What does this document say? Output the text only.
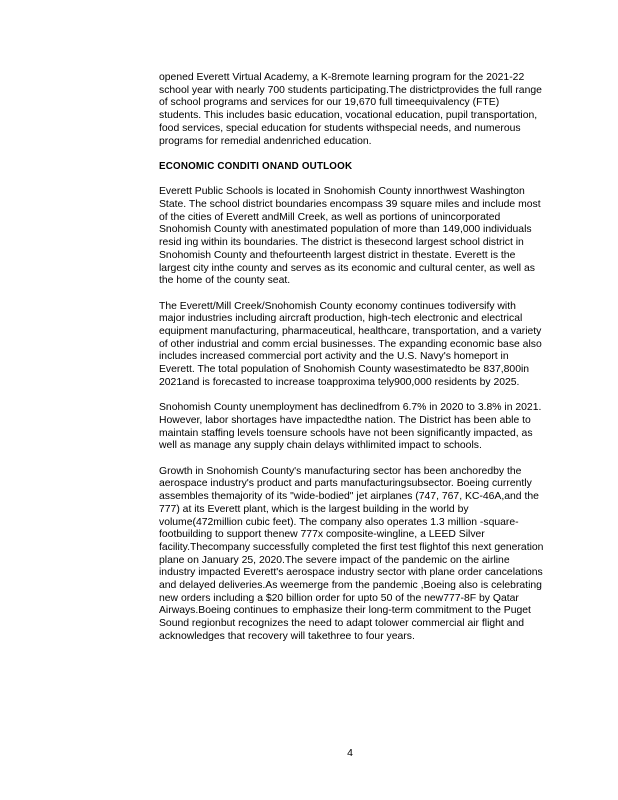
opened Everett Virtual Academy, a K-8remote learning program for the 2021-22 school year with nearly 700 students participating.The districtprovides the full range of school programs and services for our 19,670 full timeequivalency (FTE) students. This includes basic education, vocational education, pupil transportation, food services, special education for students withspecial needs, and numerous programs for remedial andenriched education.

ECONOMIC CONDITI ONAND OUTLOOK

Everett Public Schools is located in Snohomish County innorthwest Washington State. The school district boundaries encompass 39 square miles and include most of the cities of Everett andMill Creek, as well as portions of unincorporated Snohomish County with anestimated population of more than 149,000 individuals resid ing within its boundaries. The district is thesecond largest school district in Snohomish County and thefourteenth largest district in thestate. Everett is the largest city inthe county and serves as its economic and cultural center, as well as the home of the county seat.

The Everett/Mill Creek/Snohomish County economy continues todiversify with major industries including aircraft production, high-tech electronic and electrical equipment manufacturing, pharmaceutical, healthcare, transportation, and a variety of other industrial and comm ercial businesses. The expanding economic base also includes increased commercial port activity and the U.S. Navy's homeport in Everett. The total population of Snohomish County wasestimatedto be 837,800in 2021and is forecasted to increase toapproxima tely900,000 residents by 2025.

Snohomish County unemployment has declinedfrom 6.7% in 2020 to 3.8% in 2021. However, labor shortages have impactedthe nation. The District has been able to maintain staffing levels toensure schools have not been significantly impacted, as well as manage any supply chain delays withlimited impact to schools.

Growth in Snohomish County's manufacturing sector has been anchoredby the aerospace industry's product and parts manufacturingsubsector. Boeing currently assembles themajority of its "wide-bodied" jet airplanes (747, 767, KC-46A,and the 777) at its Everett plant, which is the largest building in the world by volume(472million cubic feet). The company also operates 1.3 million -square-footbuilding to support thenew 777x composite-wingline, a LEED Silver facility.Thecompany successfully completed the first test flightof this next generation plane on January 25, 2020.The severe impact of the pandemic on the airline industry impacted Everett's aerospace industry sector with plane order cancelations and delayed deliveries.As weemerge from the pandemic ,Boeing also is celebrating new orders including a $20 billion order for upto 50 of the new777-8F by Qatar Airways.Boeing continues to emphasize their long-term commitment to the Puget Sound regionbut recognizes the need to adapt tolower commercial air flight and acknowledges that recovery will takethree to four years.

4
